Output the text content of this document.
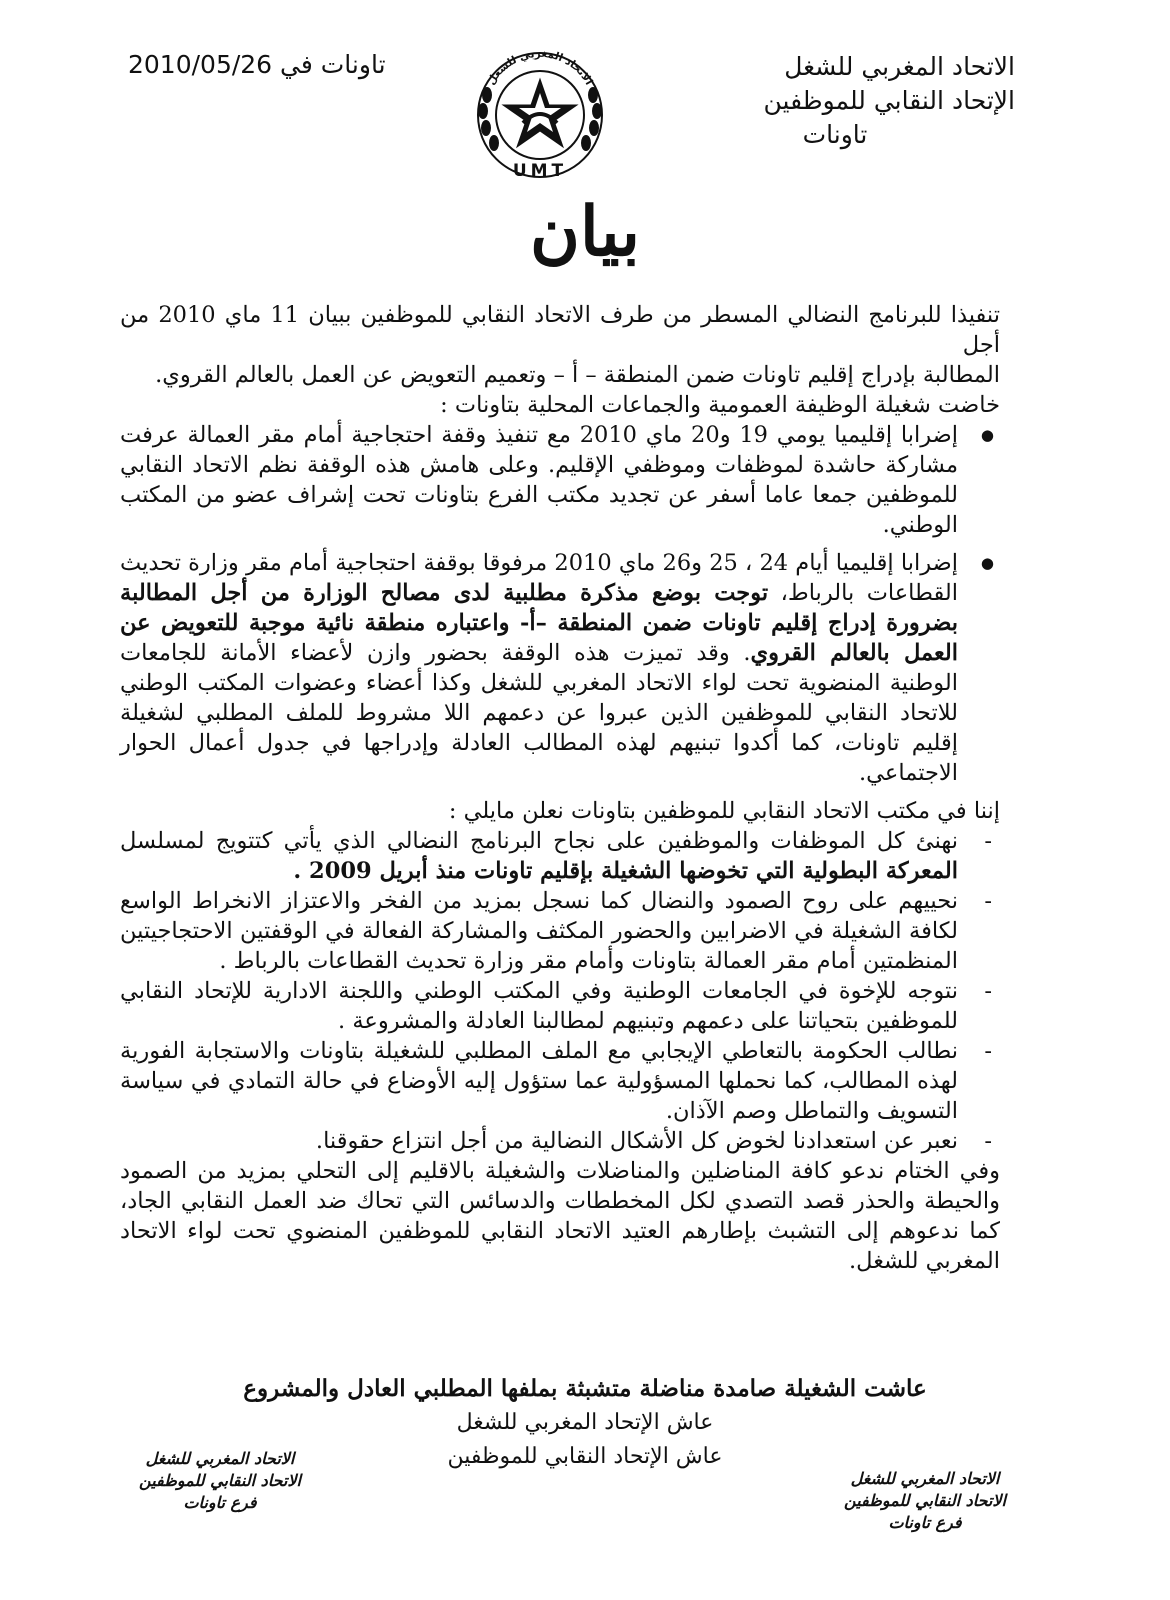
تاونات في 2010/05/26	الاتحاد المغربي للشغل
الإتحاد النقابي للموظفين
تاونات
الاتحاد المغربي للشغل
UMT
بيان

تنفيذا للبرنامج النضالي المسطر من طرف الاتحاد النقابي للموظفين ببيان 11 ماي 2010 من أجل

المطالبة بإدراج إقليم تاونات ضمن المنطقة – أ – وتعميم التعويض عن العمل بالعالم القروي.

خاضت شغيلة الوظيفة العمومية والجماعات المحلية بتاونات :

● إضرابا إقليميا يومي 19 و20 ماي 2010 مع تنفيذ وقفة احتجاجية أمام مقر العمالة عرفت مشاركة حاشدة لموظفات وموظفي الإقليم. وعلى هامش هذه الوقفة نظم الاتحاد النقابي للموظفين جمعا عاما أسفر عن تجديد مكتب الفرع بتاونات تحت إشراف عضو من المكتب الوطني.
● إضرابا إقليميا أيام 24 ، 25 و26 ماي 2010 مرفوقا بوقفة احتجاجية أمام مقر وزارة تحديث القطاعات بالرباط، توجت بوضع مذكرة مطلبية لدى مصالح الوزارة من أجل المطالبة بضرورة إدراج إقليم تاونات ضمن المنطقة –أ- واعتباره منطقة نائية موجبة للتعويض عن العمل بالعالم القروي. وقد تميزت هذه الوقفة بحضور وازن لأعضاء الأمانة للجامعات الوطنية المنضوية تحت لواء الاتحاد المغربي للشغل وكذا أعضاء وعضوات المكتب الوطني للاتحاد النقابي للموظفين الذين عبروا عن دعمهم اللا مشروط للملف المطلبي لشغيلة إقليم تاونات، كما أكدوا تبنيهم لهذه المطالب العادلة وإدراجها في جدول أعمال الحوار الاجتماعي.

إننا في مكتب الاتحاد النقابي للموظفين بتاونات نعلن مايلي :

- نهنئ كل الموظفات والموظفين على نجاح البرنامج النضالي الذي يأتي كتتويج لمسلسل المعركة البطولية التي تخوضها الشغيلة بإقليم تاونات منذ أبريل 2009 .
- نحييهم على روح الصمود والنضال كما نسجل بمزيد من الفخر والاعتزاز الانخراط الواسع لكافة الشغيلة في الاضرابين والحضور المكثف والمشاركة الفعالة في الوقفتين الاحتجاجيتين المنظمتين أمام مقر العمالة بتاونات وأمام مقر وزارة تحديث القطاعات بالرباط .
- نتوجه للإخوة في الجامعات الوطنية وفي المكتب الوطني واللجنة الادارية للإتحاد النقابي للموظفين بتحياتنا على دعمهم وتبنيهم لمطالبنا العادلة والمشروعة .
- نطالب الحكومة بالتعاطي الإيجابي مع الملف المطلبي للشغيلة بتاونات والاستجابة الفورية لهذه المطالب، كما نحملها المسؤولية عما ستؤول إليه الأوضاع في حالة التمادي في سياسة التسويف والتماطل وصم الآذان.
- نعبر عن استعدادنا لخوض كل الأشكال النضالية من أجل انتزاع حقوقنا.

وفي الختام ندعو كافة المناضلين والمناضلات والشغيلة بالاقليم إلى التحلي بمزيد من الصمود والحيطة والحذر قصد التصدي لكل المخططات والدسائس التي تحاك ضد العمل النقابي الجاد، كما ندعوهم إلى التشبث بإطارهم العتيد الاتحاد النقابي للموظفين المنضوي تحت لواء الاتحاد المغربي للشغل.

عاشت الشغيلة صامدة مناضلة متشبثة بملفها المطلبي العادل والمشروع
عاش الإتحاد المغربي للشغل
عاش الإتحاد النقابي للموظفين
الاتحاد المغربي للشغل
الاتحاد النقابي للموظفين
فرع تاونات
الاتحاد المغربي للشغل
الاتحاد النقابي للموظفين
فرع تاونات
